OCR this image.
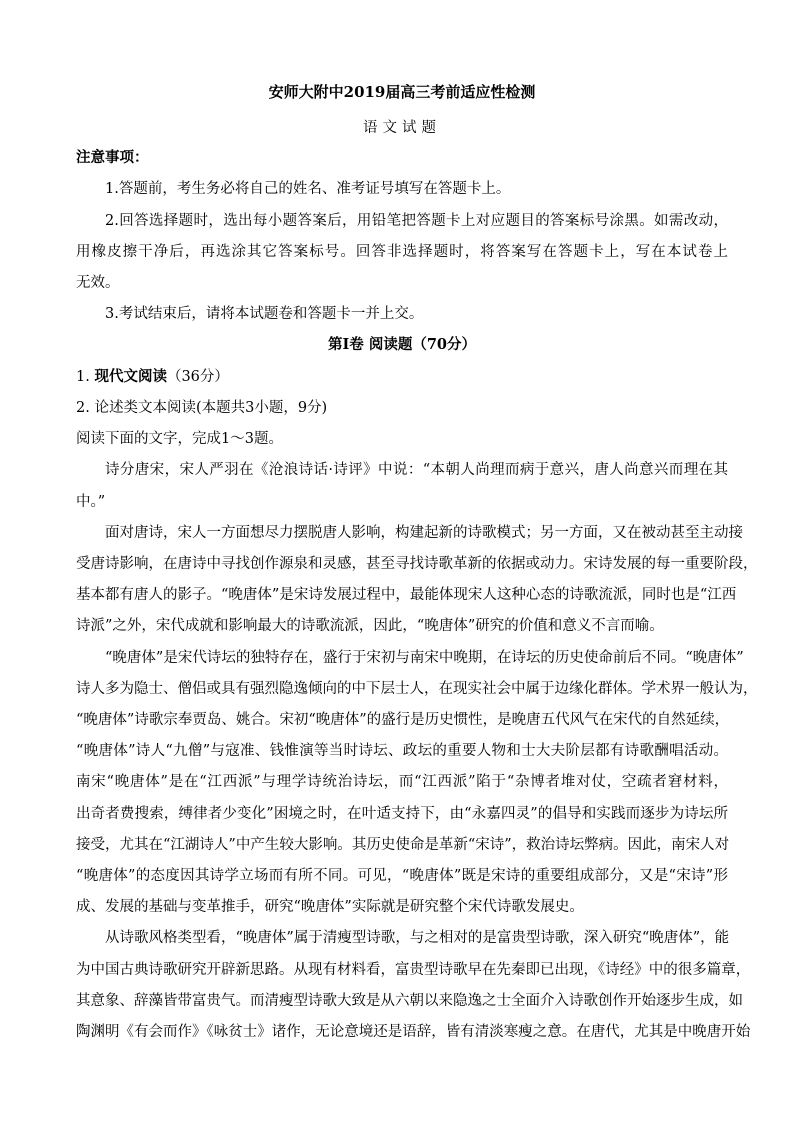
安师大附中2019届高三考前适应性检测
语文试题
注意事项：
1.答题前，考生务必将自己的姓名、准考证号填写在答题卡上。
2.回答选择题时，选出每小题答案后，用铅笔把答题卡上对应题目的答案标号涂黑。如需改动，
用橡皮擦干净后，再选涂其它答案标号。回答非选择题时，将答案写在答题卡上，写在本试卷上
无效。
3.考试结束后，请将本试题卷和答题卡一并上交。
第Ⅰ卷 阅读题（70分）
1. 现代文阅读（36分）
2. 论述类文本阅读(本题共3小题，9分)
阅读下面的文字，完成1～3题。
诗分唐宋，宋人严羽在《沧浪诗话·诗评》中说：“本朝人尚理而病于意兴，唐人尚意兴而理在其
中。”
面对唐诗，宋人一方面想尽力摆脱唐人影响，构建起新的诗歌模式；另一方面，又在被动甚至主动接
受唐诗影响，在唐诗中寻找创作源泉和灵感，甚至寻找诗歌革新的依据或动力。宋诗发展的每一重要阶段，
基本都有唐人的影子。“晚唐体”是宋诗发展过程中，最能体现宋人这种心态的诗歌流派，同时也是“江西
诗派”之外，宋代成就和影响最大的诗歌流派，因此，“晚唐体”研究的价值和意义不言而喻。
“晚唐体”是宋代诗坛的独特存在，盛行于宋初与南宋中晚期，在诗坛的历史使命前后不同。“晚唐体”
诗人多为隐士、僧侣或具有强烈隐逸倾向的中下层士人，在现实社会中属于边缘化群体。学术界一般认为，
“晚唐体”诗歌宗奉贾岛、姚合。宋初“晚唐体”的盛行是历史惯性，是晚唐五代风气在宋代的自然延续，
“晚唐体”诗人“九僧”与寇准、钱惟演等当时诗坛、政坛的重要人物和士大夫阶层都有诗歌酬唱活动。
南宋“晚唐体”是在“江西派”与理学诗统治诗坛，而“江西派”陷于“杂博者堆对仗，空疏者窘材料，
出奇者费搜索，缚律者少变化”困境之时，在叶适支持下，由“永嘉四灵”的倡导和实践而逐步为诗坛所
接受，尤其在“江湖诗人”中产生较大影响。其历史使命是革新“宋诗”，救治诗坛弊病。因此，南宋人对
“晚唐体”的态度因其诗学立场而有所不同。可见，“晚唐体”既是宋诗的重要组成部分，又是“宋诗”形
成、发展的基础与变革推手，研究“晚唐体”实际就是研究整个宋代诗歌发展史。
从诗歌风格类型看，“晚唐体”属于清瘦型诗歌，与之相对的是富贵型诗歌，深入研究“晚唐体”，能
为中国古典诗歌研究开辟新思路。从现有材料看，富贵型诗歌早在先秦即已出现，《诗经》中的很多篇章，
其意象、辞藻皆带富贵气。而清瘦型诗歌大致是从六朝以来隐逸之士全面介入诗歌创作开始逐步生成，如
陶渊明《有会而作》《咏贫士》诸作，无论意境还是语辞，皆有清淡寒瘦之意。在唐代，尤其是中晚唐开始
